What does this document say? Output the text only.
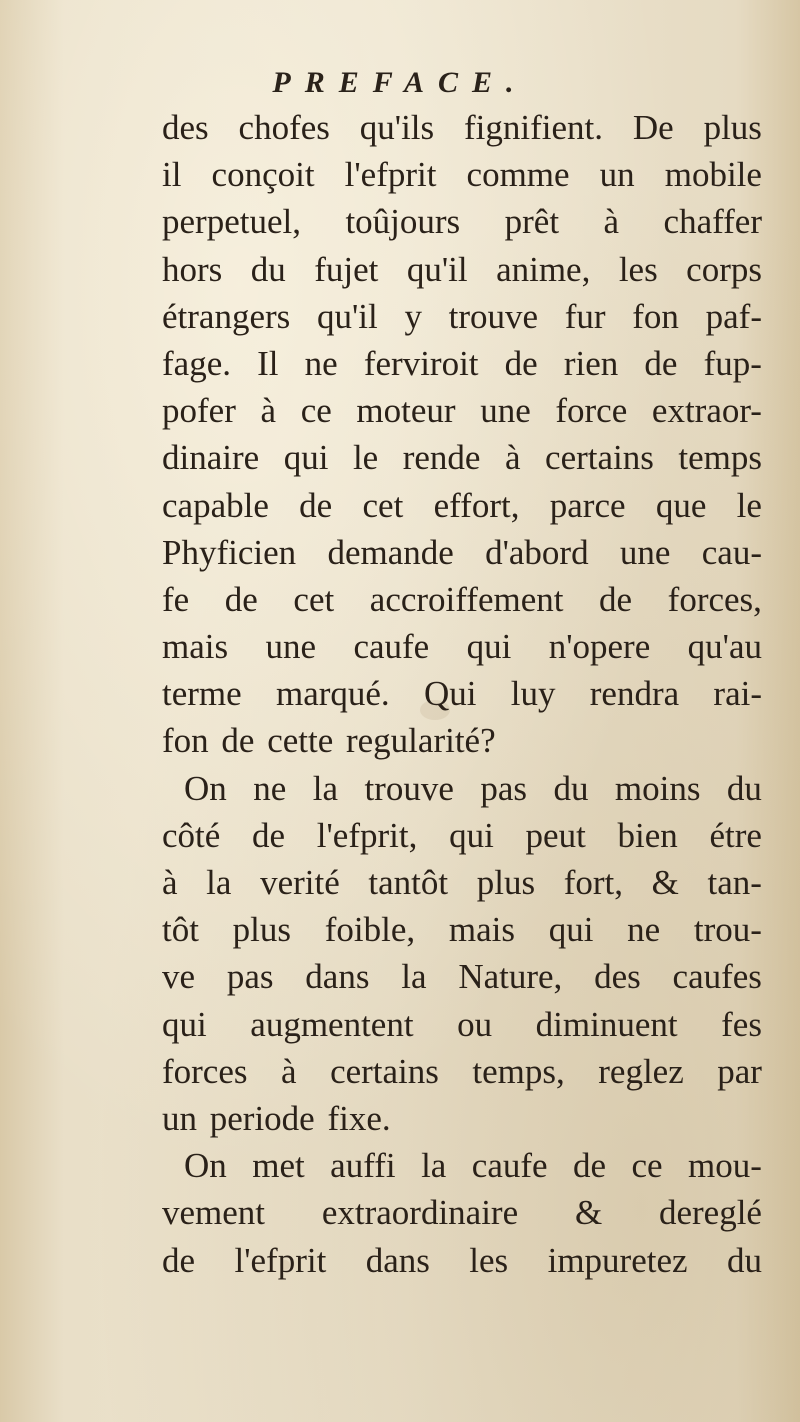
PREFACE.
des chofes qu'ils fignifient. De plus
il conçoit l'efprit comme un mobile
perpetuel, toûjours prêt à chaffer
hors du fujet qu'il anime, les corps
étrangers qu'il y trouve fur fon paf-
fage. Il ne ferviroit de rien de fup-
pofer à ce moteur une force extraor-
dinaire qui le rende à certains temps
capable de cet effort, parce que le
Phyficien demande d'abord une cau-
fe de cet accroiffement de forces,
mais une caufe qui n'opere qu'au
terme marqué. Qui luy rendra rai-
fon de cette regularité?
On ne la trouve pas du moins du
côté de l'efprit, qui peut bien étre
à la verité tantôt plus fort, & tan-
tôt plus foible, mais qui ne trou-
ve pas dans la Nature, des caufes
qui augmentent ou diminuent fes
forces à certains temps, reglez par
un periode fixe.
On met auffi la caufe de ce mou-
vement extraordinaire & dereglé
de l'efprit dans les impuretez du
